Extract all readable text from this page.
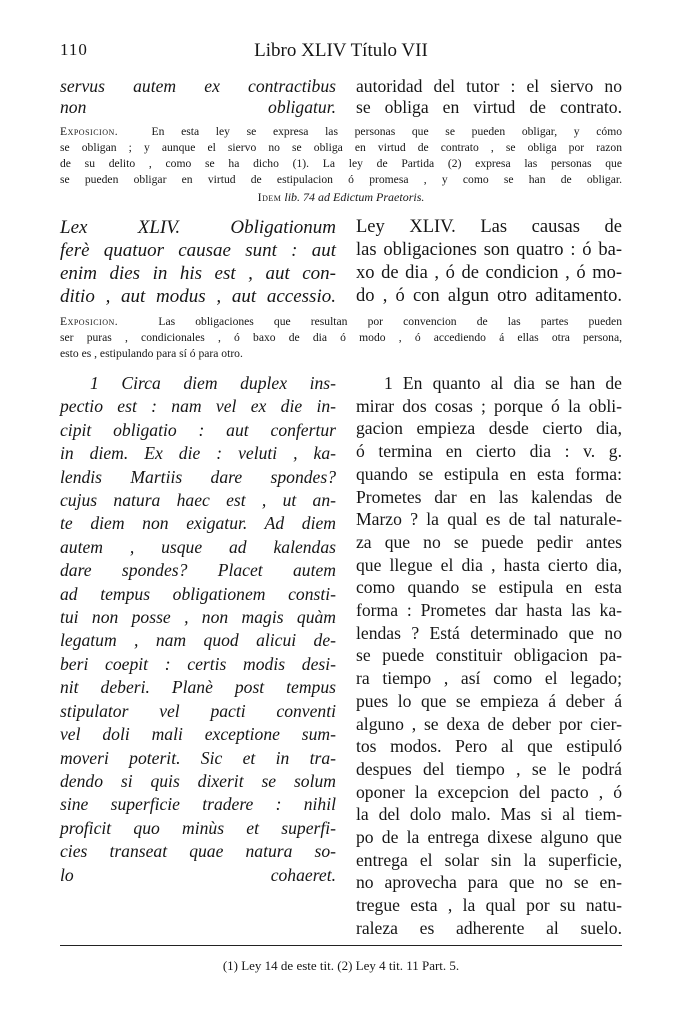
110	Libro XLIV Título VII
servus autem ex contractibus
non obligatur.
autoridad del tutor : el siervo no
se obliga en virtud de contrato.
Exposicion.	En esta ley se expresa las personas que se pueden obligar, y cómo
se obligan ; y aunque el siervo no se obliga en virtud de contrato , se obliga por razon
de su delito , como se ha dicho (1). La ley de Partida (2) expresa las personas que
se pueden obligar en virtud de estipulacion ó promesa , y como se han de obligar.
Idem lib. 74 ad Edictum Praetoris.
Lex XLIV. Obligationum
ferè quatuor causae sunt : aut
enim dies in his est , aut con-
ditio , aut modus , aut accessio.
Ley XLIV. Las causas de
las obligaciones son quatro : ó ba-
xo de dia , ó de condicion , ó mo-
do , ó con algun otro aditamento.
Exposicion.	Las obligaciones que resultan por convencion de las partes pueden
ser puras , condicionales , ó baxo de dia ó modo , ó accediendo á ellas otra persona,
esto es , estipulando para sí ó para otro.
1 Circa diem duplex ins-
pectio est : nam vel ex die in-
cipit obligatio : aut confertur
in diem. Ex die : veluti , ka-
lendis Martiis dare spondes?
cujus natura haec est , ut an-
te diem non exigatur. Ad diem
autem , usque ad kalendas
dare spondes? Placet autem
ad tempus obligationem consti-
tui non posse , non magis quàm
legatum , nam quod alicui de-
beri coepit : certis modis desi-
nit deberi. Planè post tempus
stipulator vel pacti conventi
vel doli mali exceptione sum-
moveri poterit. Sic et in tra-
dendo si quis dixerit se solum
sine superficie tradere : nihil
proficit quo minùs et superfi-
cies transeat quae natura so-
lo cohaeret.
1 En quanto al dia se han de
mirar dos cosas ; porque ó la obli-
gacion empieza desde cierto dia,
ó termina en cierto dia : v. g.
quando se estipula en esta forma:
Prometes dar en las kalendas de
Marzo ? la qual es de tal naturale-
za que no se puede pedir antes
que llegue el dia , hasta cierto dia,
como quando se estipula en esta
forma : Prometes dar hasta las ka-
lendas ? Está determinado que no
se puede constituir obligacion pa-
ra tiempo , así como el legado;
pues lo que se empieza á deber á
alguno , se dexa de deber por cier-
tos modos. Pero al que estipuló
despues del tiempo , se le podrá
oponer la excepcion del pacto , ó
la del dolo malo. Mas si al tiem-
po de la entrega dixese alguno que
entrega el solar sin la superficie,
no aprovecha para que no se en-
tregue esta , la qual por su natu-
raleza es adherente al suelo.
(1) Ley 14 de este tit. (2) Ley 4 tit. 11 Part. 5.
